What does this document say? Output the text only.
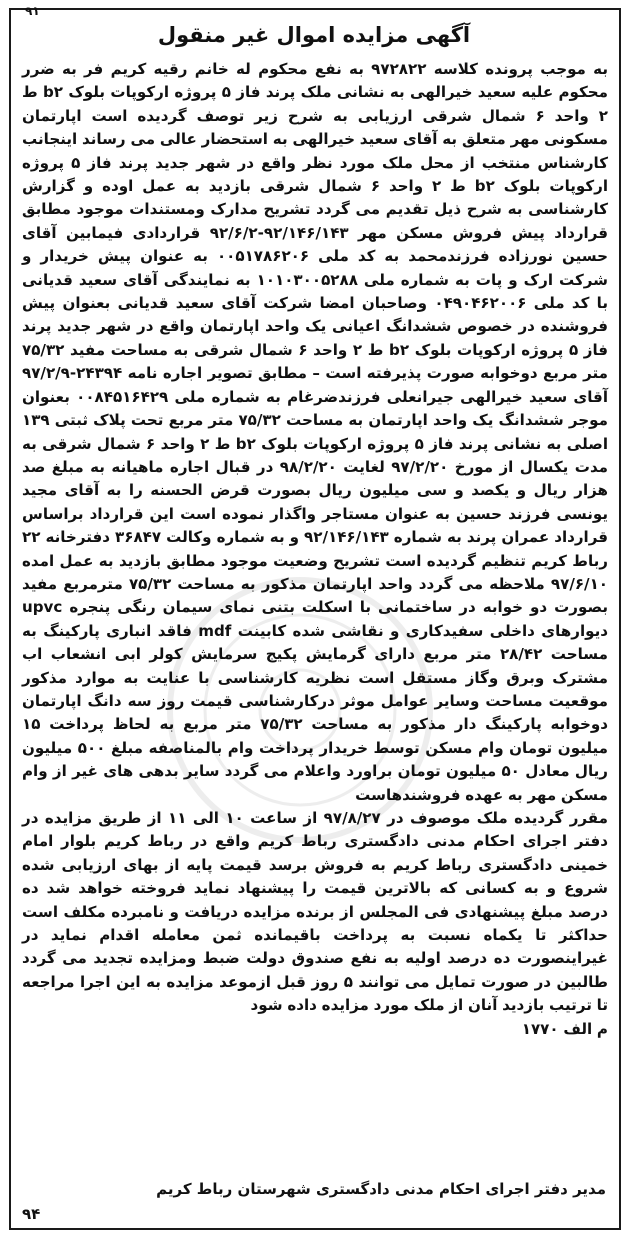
۹۱
آگهی مزایده اموال غیر منقول

به موجب پرونده کلاسه ۹۷۲۸۲۲ به نفع محکوم له خانم رقیه کریم فر به ضرر محکوم علیه سعید خیرالهی به نشانی ملک پرند فاز ۵ پروژه ارکوپات بلوک b۲ ط ۲ واحد ۶ شمال شرقی ارزیابی به شرح زیر توصف گردیده است اپارتمان مسکونی مهر متعلق به آقای سعید خیرالهی به استحضار عالی می رساند اینجانب کارشناس منتخب از محل ملک مورد نظر واقع در شهر جدید پرند فاز ۵ پروژه ارکوپات بلوک b۲ ط ۲ واحد ۶ شمال شرقی بازدید به عمل اوده و گزارش کارشناسی به شرح ذیل تقدیم می گردد تشریح مدارک ومستندات موجود مطابق قرارداد پیش فروش مسکن مهر ۹۲/۱۴۶/۱۴۳-۹۲/۶/۲ قراردادی فیمابین آقای حسین نورزاده فرزندمحمد به کد ملی ۰۰۵۱۷۸۶۲۰۶ به عنوان پیش خریدار و شرکت ارک و پات به شماره ملی ۱۰۱۰۳۰۰۵۲۸۸ به نمایندگی آقای سعید قدیانی با کد ملی ۰۴۹۰۴۶۲۰۰۶ وصاحبان امضا شرکت آقای سعید قدیانی بعنوان پیش فروشنده در خصوص ششدانگ اعیانی یک واحد اپارتمان واقع در شهر جدید پرند فاز ۵ پروژه ارکوپات بلوک b۲ ط ۲ واحد ۶ شمال شرقی به مساحت مفید ۷۵/۳۲ متر مربع دوخوابه صورت پذیرفته است – مطابق تصویر اجاره نامه ۲۴۳۹۴-۹۷/۲/۹ آقای سعید خیرالهی جیرانعلی فرزندضرغام به شماره ملی ۰۰۸۴۵۱۶۴۲۹ بعنوان موجر ششدانگ یک واحد اپارتمان به مساحت ۷۵/۳۲ متر مربع تحت پلاک ثبتی ۱۳۹ اصلی به نشانی پرند فاز ۵ پروژه ارکوپات بلوک b۲ ط ۲ واحد ۶ شمال شرقی به مدت یکسال از مورخ ۹۷/۲/۲۰ لغایت ۹۸/۲/۲۰ در قبال اجاره ماهیانه به مبلغ صد هزار ریال و یکصد و سی میلیون ریال بصورت قرض الحسنه را به آقای مجید یونسی فرزند حسین به عنوان مستاجر واگذار نموده است این قرارداد براساس قرارداد عمران پرند به شماره ۹۲/۱۴۶/۱۴۳ و به شماره وکالت ۳۶۸۴۷ دفترخانه ۲۲ رباط کریم تنظیم گردیده است تشریح وضعیت موجود مطابق بازدید به عمل امده ۹۷/۶/۱۰ ملاحظه می گردد واحد اپارتمان مذکور به مساحت ۷۵/۳۲ مترمربع مفید بصورت دو خوابه در ساختمانی با اسکلت بتنی نمای سیمان رنگی پنجره upvc دیوارهای داخلی سفیدکاری و نقاشی شده کابینت mdf فاقد انباری پارکینگ به مساحت ۲۸/۴۲ متر مربع دارای گرمایش پکیج سرمایش کولر ابی انشعاب اب مشترک وبرق وگاز مستقل است نظریه کارشناسی با عنایت به موارد مذکور موقعیت مساحت وسایر عوامل موثر درکارشناسی قیمت روز سه دانگ اپارتمان دوخوابه پارکینگ دار مذکور به مساحت ۷۵/۳۲ متر مربع به لحاظ پرداخت ۱۵ میلیون تومان وام مسکن توسط خریدار پرداخت وام بالمناصفه مبلغ ۵۰۰ میلیون ریال معادل ۵۰ میلیون تومان براورد واعلام می گردد سایر بدهی های غیر از وام مسکن مهر به عهده فروشندهاست

مقرر گردیده ملک موصوف در ۹۷/۸/۲۷ از ساعت ۱۰ الی ۱۱ از طریق مزایده در دفتر اجرای احکام مدنی دادگستری رباط کریم واقع در رباط کریم بلوار امام خمینی دادگستری رباط کریم به فروش برسد قیمت پایه از بهای ارزیابی شده شروع و به کسانی که بالاترین قیمت را پیشنهاد نماید فروخته خواهد شد ده درصد مبلغ پیشنهادی فی المجلس از برنده مزایده دریافت و نامبرده مکلف است حداکثر تا یکماه نسبت به پرداخت باقیمانده ثمن معامله اقدام نماید در غیراینصورت ده درصد اولیه به نفع صندوق دولت ضبط ومزایده تجدید می گردد طالبین در صورت تمایل می توانند ۵ روز قبل ازموعد مزایده به این اجرا مراجعه تا ترتیب بازدید آنان از ملک مورد مزایده داده شود

م الف ۱۷۷۰

مدیر دفتر اجرای احکام مدنی دادگستری شهرستان رباط کریم

۹۴
